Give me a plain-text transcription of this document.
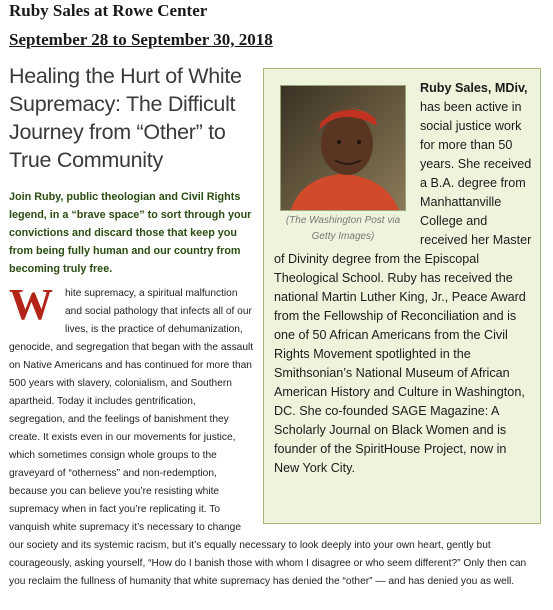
Ruby Sales at Rowe Center
September 28 to September 30, 2018
Healing the Hurt of White Supremacy: The Difficult Journey from “Other” to True Community
Join Ruby, public theologian and Civil Rights legend, in a “brave space” to sort through your convictions and discard those that keep you from being fully human and our country from becoming truly free.
(The Washington Post via Getty Images)
Ruby Sales, MDiv, has been active in social justice work for more than 50 years. She received a B.A. degree from Manhattanville College and received her Master of Divinity degree from the Episcopal Theological School. Ruby has received the national Martin Luther King, Jr., Peace Award from the Fellowship of Reconciliation and is one of 50 African Americans from the Civil Rights Movement spotlighted in the Smithsonian’s National Museum of African American History and Culture in Washington, DC. She co-founded SAGE Magazine: A Scholarly Journal on Black Women and is founder of the SpiritHouse Project, now in New York City.
W hite supremacy, a spiritual malfunction and social pathology that infects all of our lives, is the practice of dehumanization, genocide, and segregation that began with the assault on Native Americans and has continued for more than 500 years with slavery, colonialism, and Southern apartheid. Today it includes gentrification, segregation, and the feelings of banishment they create. It exists even in our movements for justice, which sometimes consign whole groups to the graveyard of “otherness” and non-redemption, because you can believe you’re resisting white supremacy when in fact you’re replicating it. To vanquish white supremacy it’s necessary to change our society and its systemic racism, but it’s equally necessary to look deeply into your own heart, gently but courageously, asking yourself, “How do I banish those with whom I disagree or who seem different?” Only then can you reclaim the fullness of humanity that white supremacy has denied the “other” — and has denied you as well.
